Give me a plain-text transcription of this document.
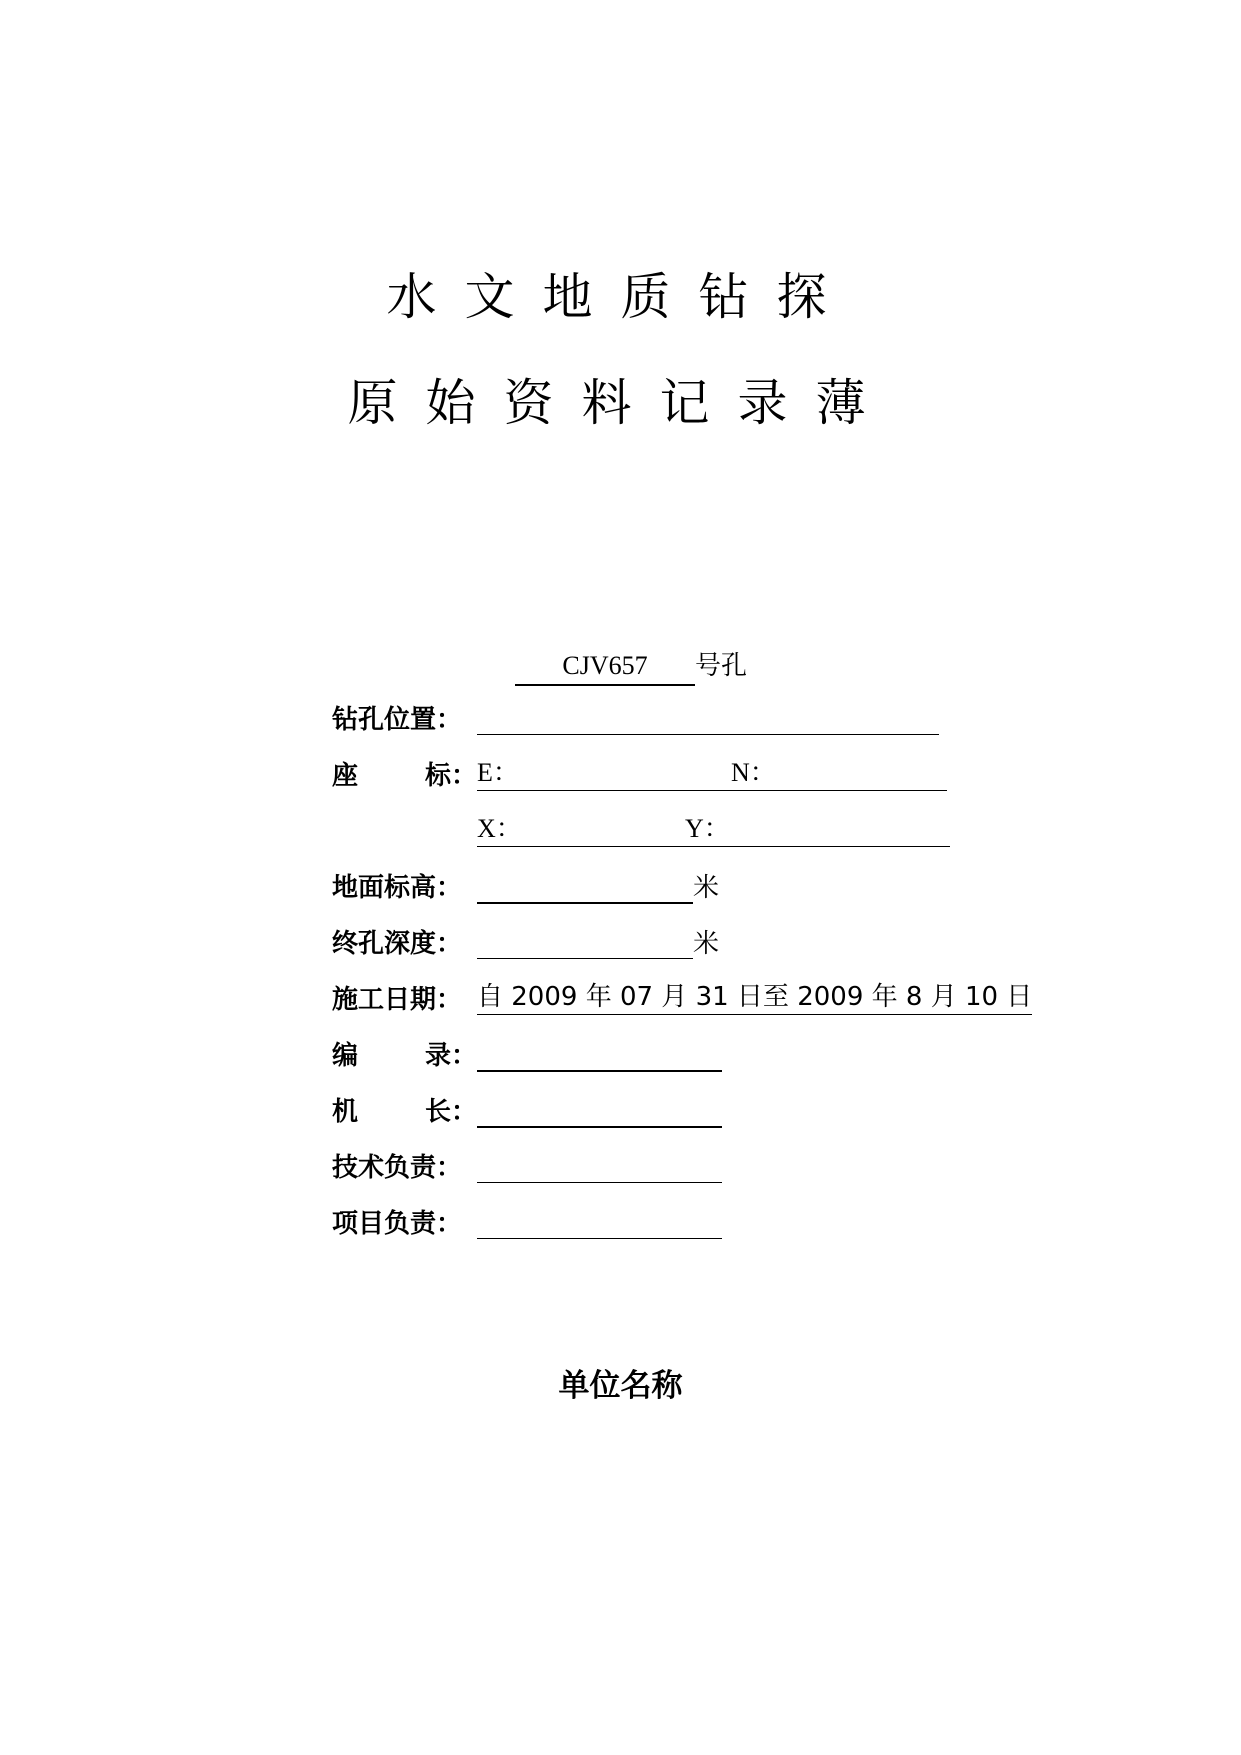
水文地质钻探
原始资料记录薄
CJV657 号孔
钻孔位置：
座	标： E：	N：
X：	Y：
地面标高：	米
终孔深度：	米
施工日期： 自 2009 年 07 月 31 日至 2009 年 8 月 10 日
编	录：
机	长：
技术负责：
项目负责：
单位名称
